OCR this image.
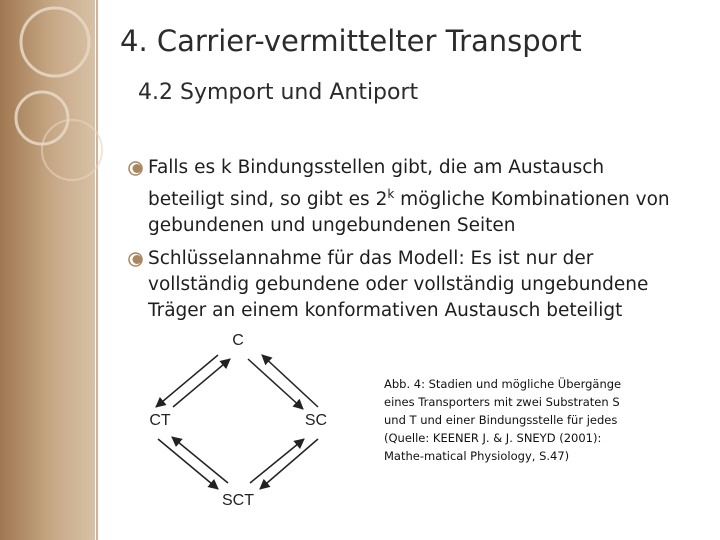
4. Carrier-vermittelter Transport
4.2 Symport und Antiport
Falls es k Bindungsstellen gibt, die am Austausch
beteiligt sind, so gibt es 2$^k$ mögliche Kombinationen von
gebundenen und ungebundenen Seiten
Schlüsselannahme für das Modell: Es ist nur der
vollständig gebundene oder vollständig ungebundene
Träger an einem konformativen Austausch beteiligt
C
CT	SC
SCT
Abb. 4: Stadien und mögliche Übergänge
eines Transporters mit zwei Substraten S
und T und einer Bindungsstelle für jedes
(Quelle: KEENER J. & J. SNEYD (2001):
Mathe-matical Physiology, S.47)
